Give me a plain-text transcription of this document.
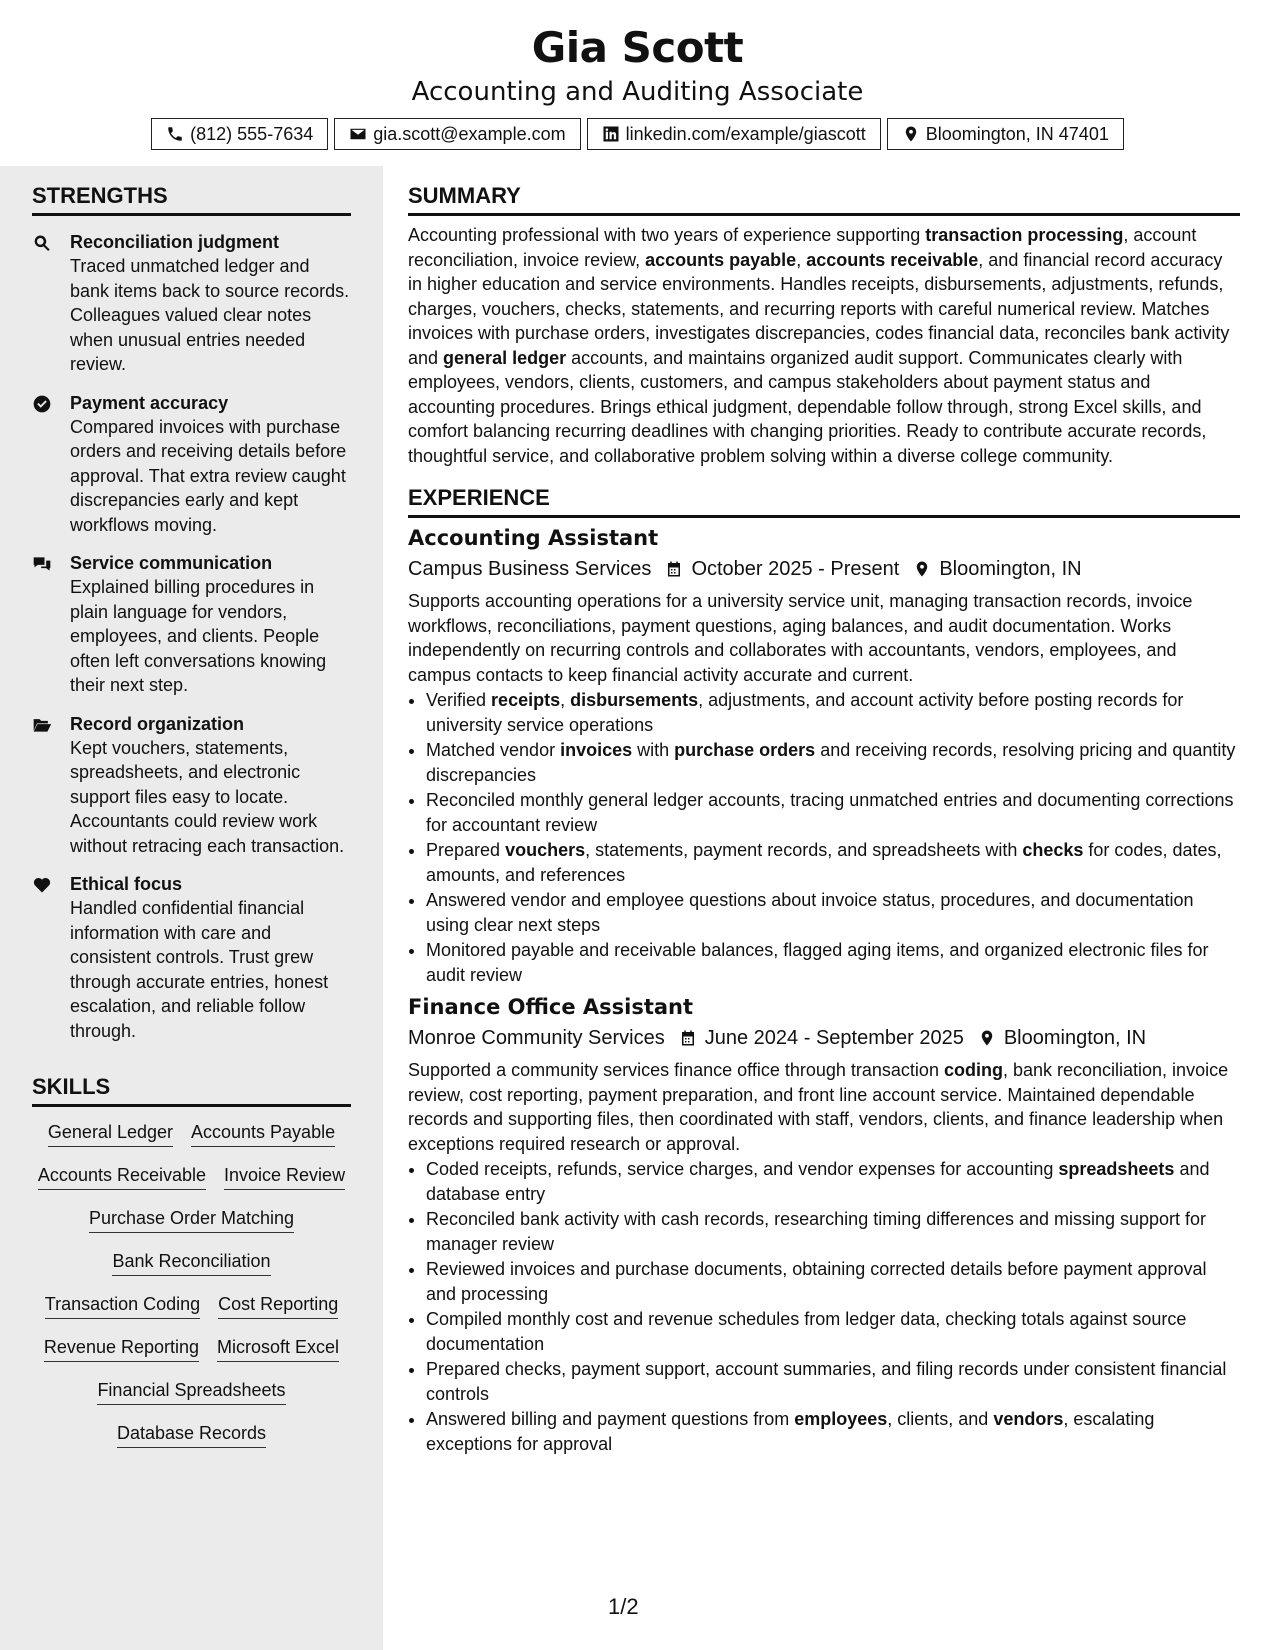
Gia Scott
Accounting and Auditing Associate
(812) 555-7634	gia.scott@example.com	linkedin.com/example/giascott	Bloomington, IN 47401
STRENGTHS
Reconciliation judgment
Traced unmatched ledger and bank items back to source records. Colleagues valued clear notes when unusual entries needed review.
Payment accuracy
Compared invoices with purchase orders and receiving details before approval. That extra review caught discrepancies early and kept workflows moving.
Service communication
Explained billing procedures in plain language for vendors, employees, and clients. People often left conversations knowing their next step.
Record organization
Kept vouchers, statements, spreadsheets, and electronic support files easy to locate. Accountants could review work without retracing each transaction.
Ethical focus
Handled confidential financial information with care and consistent controls. Trust grew through accurate entries, honest escalation, and reliable follow through.
SKILLS
General Ledger Accounts Payable
Accounts Receivable Invoice Review
Purchase Order Matching
Bank Reconciliation
Transaction Coding Cost Reporting
Revenue Reporting Microsoft Excel
Financial Spreadsheets
Database Records
SUMMARY
Accounting professional with two years of experience supporting transaction processing, account reconciliation, invoice review, accounts payable, accounts receivable, and financial record accuracy in higher education and service environments. Handles receipts, disbursements, adjustments, refunds, charges, vouchers, checks, statements, and recurring reports with careful numerical review. Matches invoices with purchase orders, investigates discrepancies, codes financial data, reconciles bank activity and general ledger accounts, and maintains organized audit support. Communicates clearly with employees, vendors, clients, customers, and campus stakeholders about payment status and accounting procedures. Brings ethical judgment, dependable follow through, strong Excel skills, and comfort balancing recurring deadlines with changing priorities. Ready to contribute accurate records, thoughtful service, and collaborative problem solving within a diverse college community.
EXPERIENCE
Accounting Assistant
Campus Business Services October 2025 - Present Bloomington, IN
Supports accounting operations for a university service unit, managing transaction records, invoice workflows, reconciliations, payment questions, aging balances, and audit documentation. Works independently on recurring controls and collaborates with accountants, vendors, employees, and campus contacts to keep financial activity accurate and current.
• Verified receipts, disbursements, adjustments, and account activity before posting records for university service operations
• Matched vendor invoices with purchase orders and receiving records, resolving pricing and quantity discrepancies
• Reconciled monthly general ledger accounts, tracing unmatched entries and documenting corrections for accountant review
• Prepared vouchers, statements, payment records, and spreadsheets with checks for codes, dates, amounts, and references
• Answered vendor and employee questions about invoice status, procedures, and documentation using clear next steps
• Monitored payable and receivable balances, flagged aging items, and organized electronic files for audit review
Finance Office Assistant
Monroe Community Services June 2024 - September 2025 Bloomington, IN
Supported a community services finance office through transaction coding, bank reconciliation, invoice review, cost reporting, payment preparation, and front line account service. Maintained dependable records and supporting files, then coordinated with staff, vendors, clients, and finance leadership when exceptions required research or approval.
• Coded receipts, refunds, service charges, and vendor expenses for accounting spreadsheets and database entry
• Reconciled bank activity with cash records, researching timing differences and missing support for manager review
• Reviewed invoices and purchase documents, obtaining corrected details before payment approval and processing
• Compiled monthly cost and revenue schedules from ledger data, checking totals against source documentation
• Prepared checks, payment support, account summaries, and filing records under consistent financial controls
• Answered billing and payment questions from employees, clients, and vendors, escalating exceptions for approval
1/2
